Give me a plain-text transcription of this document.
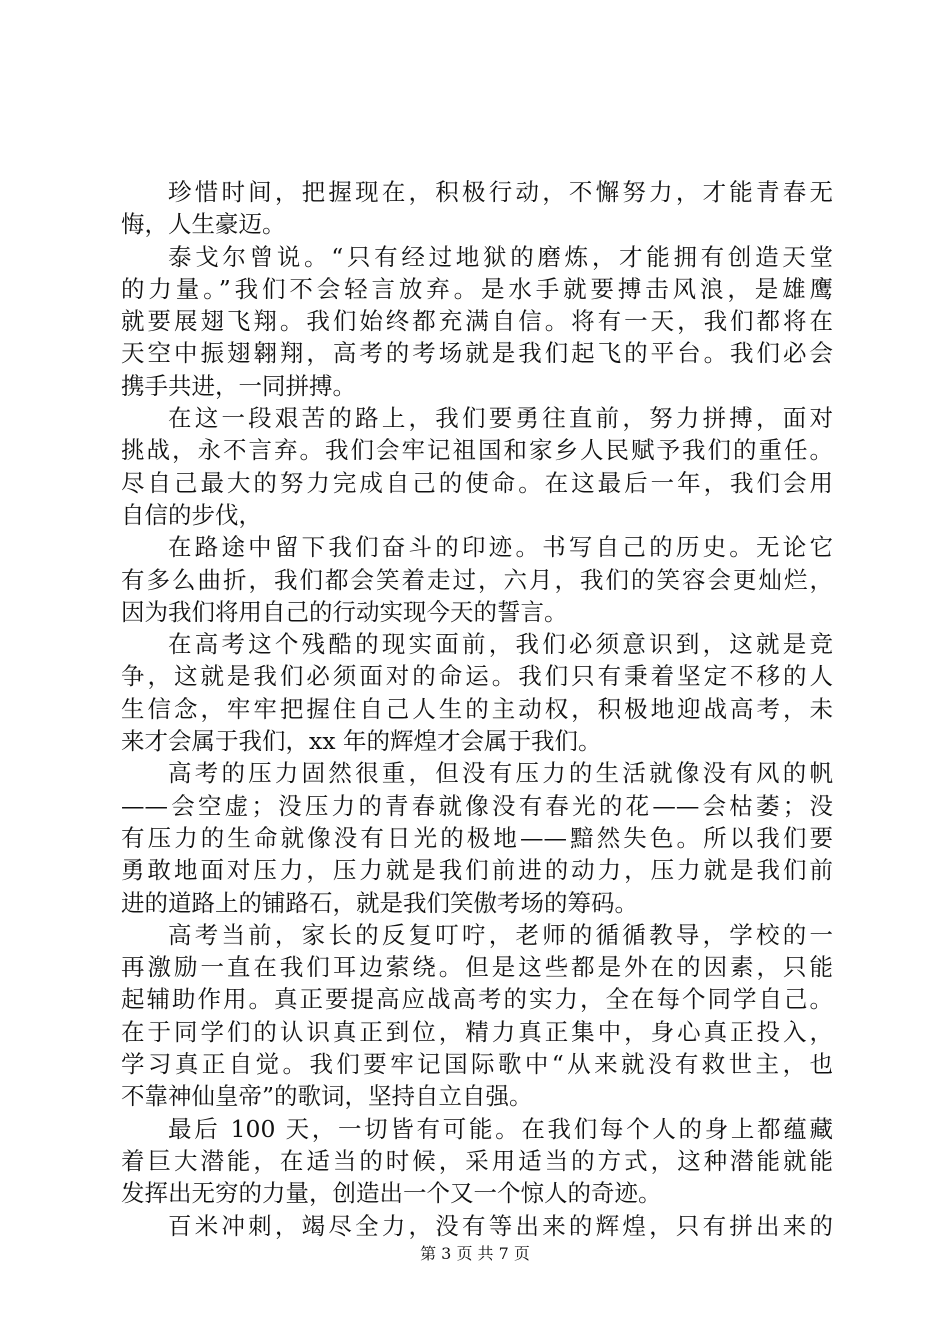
珍惜时间，把握现在，积极行动，不懈努力，才能青春无
悔，人生豪迈。
泰戈尔曾说。“只有经过地狱的磨炼，才能拥有创造天堂
的力量。”我们不会轻言放弃。是水手就要搏击风浪，是雄鹰
就要展翅飞翔。我们始终都充满自信。将有一天，我们都将在
天空中振翅翱翔，高考的考场就是我们起飞的平台。我们必会
携手共进，一同拼搏。
在这一段艰苦的路上，我们要勇往直前，努力拼搏，面对
挑战，永不言弃。我们会牢记祖国和家乡人民赋予我们的重任。
尽自己最大的努力完成自己的使命。在这最后一年，我们会用
自信的步伐，
在路途中留下我们奋斗的印迹。书写自己的历史。无论它
有多么曲折，我们都会笑着走过，六月，我们的笑容会更灿烂，
因为我们将用自己的行动实现今天的誓言。
在高考这个残酷的现实面前，我们必须意识到，这就是竞
争，这就是我们必须面对的命运。我们只有秉着坚定不移的人
生信念，牢牢把握住自己人生的主动权，积极地迎战高考，未
来才会属于我们，xx 年的辉煌才会属于我们。
高考的压力固然很重，但没有压力的生活就像没有风的帆
——会空虚；没压力的青春就像没有春光的花——会枯萎；没
有压力的生命就像没有日光的极地——黯然失色。所以我们要
勇敢地面对压力，压力就是我们前进的动力，压力就是我们前
进的道路上的铺路石，就是我们笑傲考场的筹码。
高考当前，家长的反复叮咛，老师的循循教导，学校的一
再激励一直在我们耳边萦绕。但是这些都是外在的因素，只能
起辅助作用。真正要提高应战高考的实力，全在每个同学自己。
在于同学们的认识真正到位，精力真正集中，身心真正投入，
学习真正自觉。我们要牢记国际歌中“从来就没有救世主，也
不靠神仙皇帝”的歌词，坚持自立自强。
最后 100 天，一切皆有可能。在我们每个人的身上都蕴藏
着巨大潜能，在适当的时候，采用适当的方式，这种潜能就能
发挥出无穷的力量，创造出一个又一个惊人的奇迹。
百米冲刺，竭尽全力，没有等出来的辉煌，只有拼出来的
第 3 页 共 7 页
